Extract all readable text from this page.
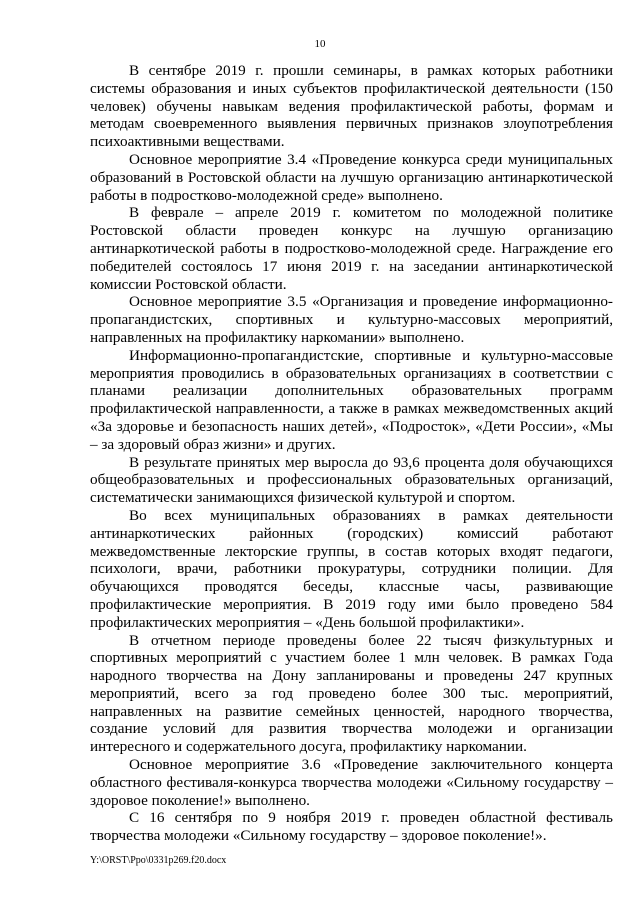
10

В сентябре 2019 г. прошли семинары, в рамках которых работники системы образования и иных субъектов профилактической деятельности (150 человек) обучены навыкам ведения профилактической работы, формам и методам своевременного выявления первичных признаков злоупотребления психоактивными веществами.

Основное мероприятие 3.4 «Проведение конкурса среди муниципальных образований в Ростовской области на лучшую организацию антинаркотической работы в подростково-молодежной среде» выполнено.

В феврале – апреле 2019 г. комитетом по молодежной политике Ростовской области проведен конкурс на лучшую организацию антинаркотической работы в подростково-молодежной среде. Награждение его победителей состоялось 17 июня 2019 г. на заседании антинаркотической комиссии Ростовской области.

Основное мероприятие 3.5 «Организация и проведение информационно-пропагандистских, спортивных и культурно-массовых мероприятий, направленных на профилактику наркомании» выполнено.

Информационно-пропагандистские, спортивные и культурно-массовые мероприятия проводились в образовательных организациях в соответствии с планами реализации дополнительных образовательных программ профилактической направленности, а также в рамках межведомственных акций «За здоровье и безопасность наших детей», «Подросток», «Дети России», «Мы – за здоровый образ жизни» и других.

В результате принятых мер выросла до 93,6 процента доля обучающихся общеобразовательных и профессиональных образовательных организаций, систематически занимающихся физической культурой и спортом.

Во всех муниципальных образованиях в рамках деятельности антинаркотических районных (городских) комиссий работают межведомственные лекторские группы, в состав которых входят педагоги, психологи, врачи, работники прокуратуры, сотрудники полиции. Для обучающихся проводятся беседы, классные часы, развивающие профилактические мероприятия. В 2019 году ими было проведено 584 профилактических мероприятия – «День большой профилактики».

В отчетном периоде проведены более 22 тысяч физкультурных и спортивных мероприятий с участием более 1 млн человек. В рамках Года народного творчества на Дону запланированы и проведены 247 крупных мероприятий, всего за год проведено более 300 тыс. мероприятий, направленных на развитие семейных ценностей, народного творчества, создание условий для развития творчества молодежи и организации интересного и содержательного досуга, профилактику наркомании.

Основное мероприятие 3.6 «Проведение заключительного концерта областного фестиваля-конкурса творчества молодежи «Сильному государству – здоровое поколение!» выполнено.

С 16 сентября по 9 ноября 2019 г. проведен областной фестиваль творчества молодежи «Сильному государству – здоровое поколение!».

Y:\ORST\Ppo\0331p269.f20.docx
